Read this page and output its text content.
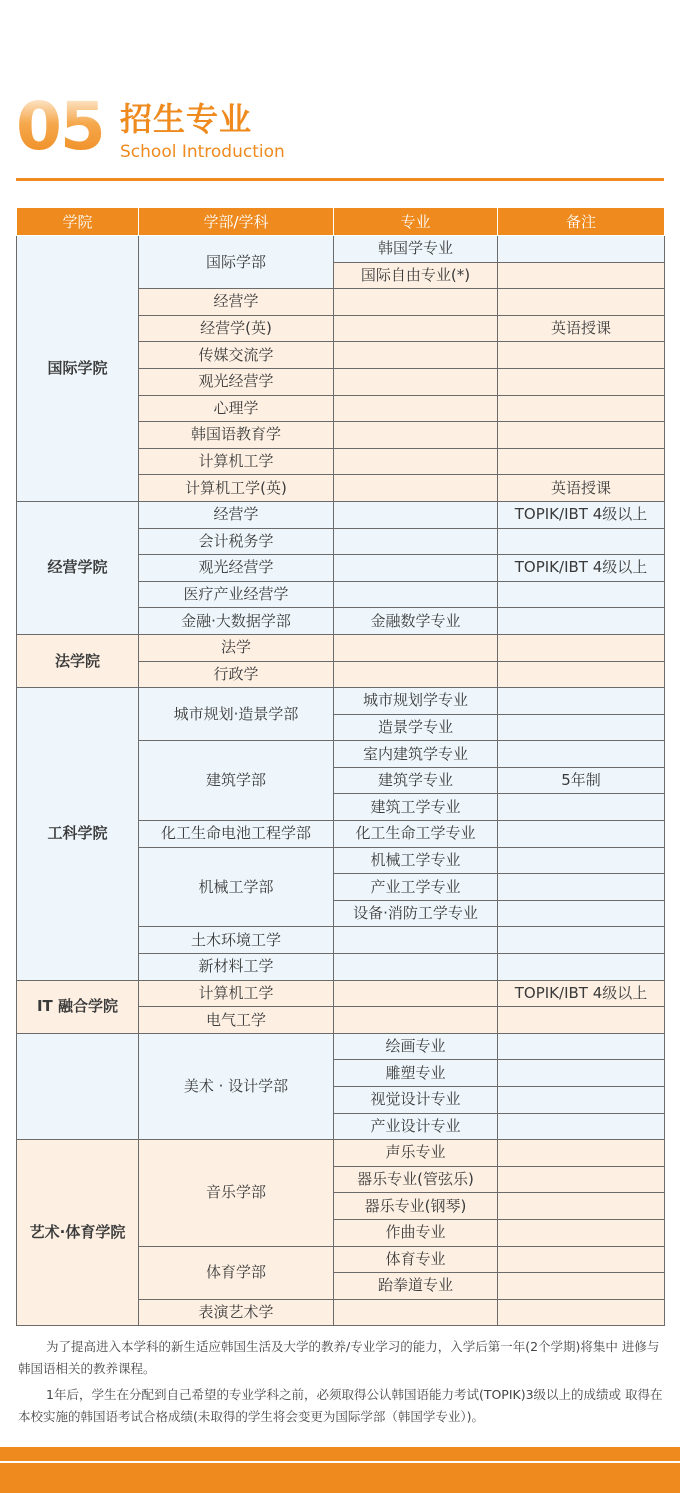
05 招生专业
School Introduction
学院	学部/学科	专业	备注
国际学院	国际学部	韩国学专业	
		国际自由专业(*)	
	经营学		
	经营学(英)		英语授课
	传媒交流学		
	观光经营学		
	心理学		
	韩国语教育学		
	计算机工学		
	计算机工学(英)		英语授课
经营学院	经营学		TOPIK/IBT 4级以上
	会计税务学		
	观光经营学		TOPIK/IBT 4级以上
	医疗产业经营学		
	金融·大数据学部	金融数学专业	
法学院	法学		
	行政学		
工科学院	城市规划·造景学部	城市规划学专业	
		造景学专业	
	建筑学部	室内建筑学专业	
		建筑学专业	5年制
		建筑工学专业	
	化工生命电池工程学部	化工生命工学专业	
	机械工学部	机械工学专业	
		产业工学专业	
		设备·消防工学专业	
	土木环境工学		
	新材料工学		
IT 融合学院	计算机工学		TOPIK/IBT 4级以上
	电气工学		
	美术 · 设计学部	绘画专业	
		雕塑专业	
		视觉设计专业	
		产业设计专业	
艺术·体育学院	音乐学部	声乐专业	
		器乐专业(管弦乐)	
		器乐专业(钢琴)	
		作曲专业	
	体育学部	体育专业	
		跆拳道专业	
	表演艺术学		
为了提高进入本学科的新生适应韩国生活及大学的教养/专业学习的能力，入学后第一年(2个学期)将集中 进修与韩国语相关的教养课程。
1年后，学生在分配到自己希望的专业学科之前，必须取得公认韩国语能力考试(TOPIK)3级以上的成绩或 取得在本校实施的韩国语考试合格成绩(未取得的学生将会变更为国际学部（韩国学专业）)。
